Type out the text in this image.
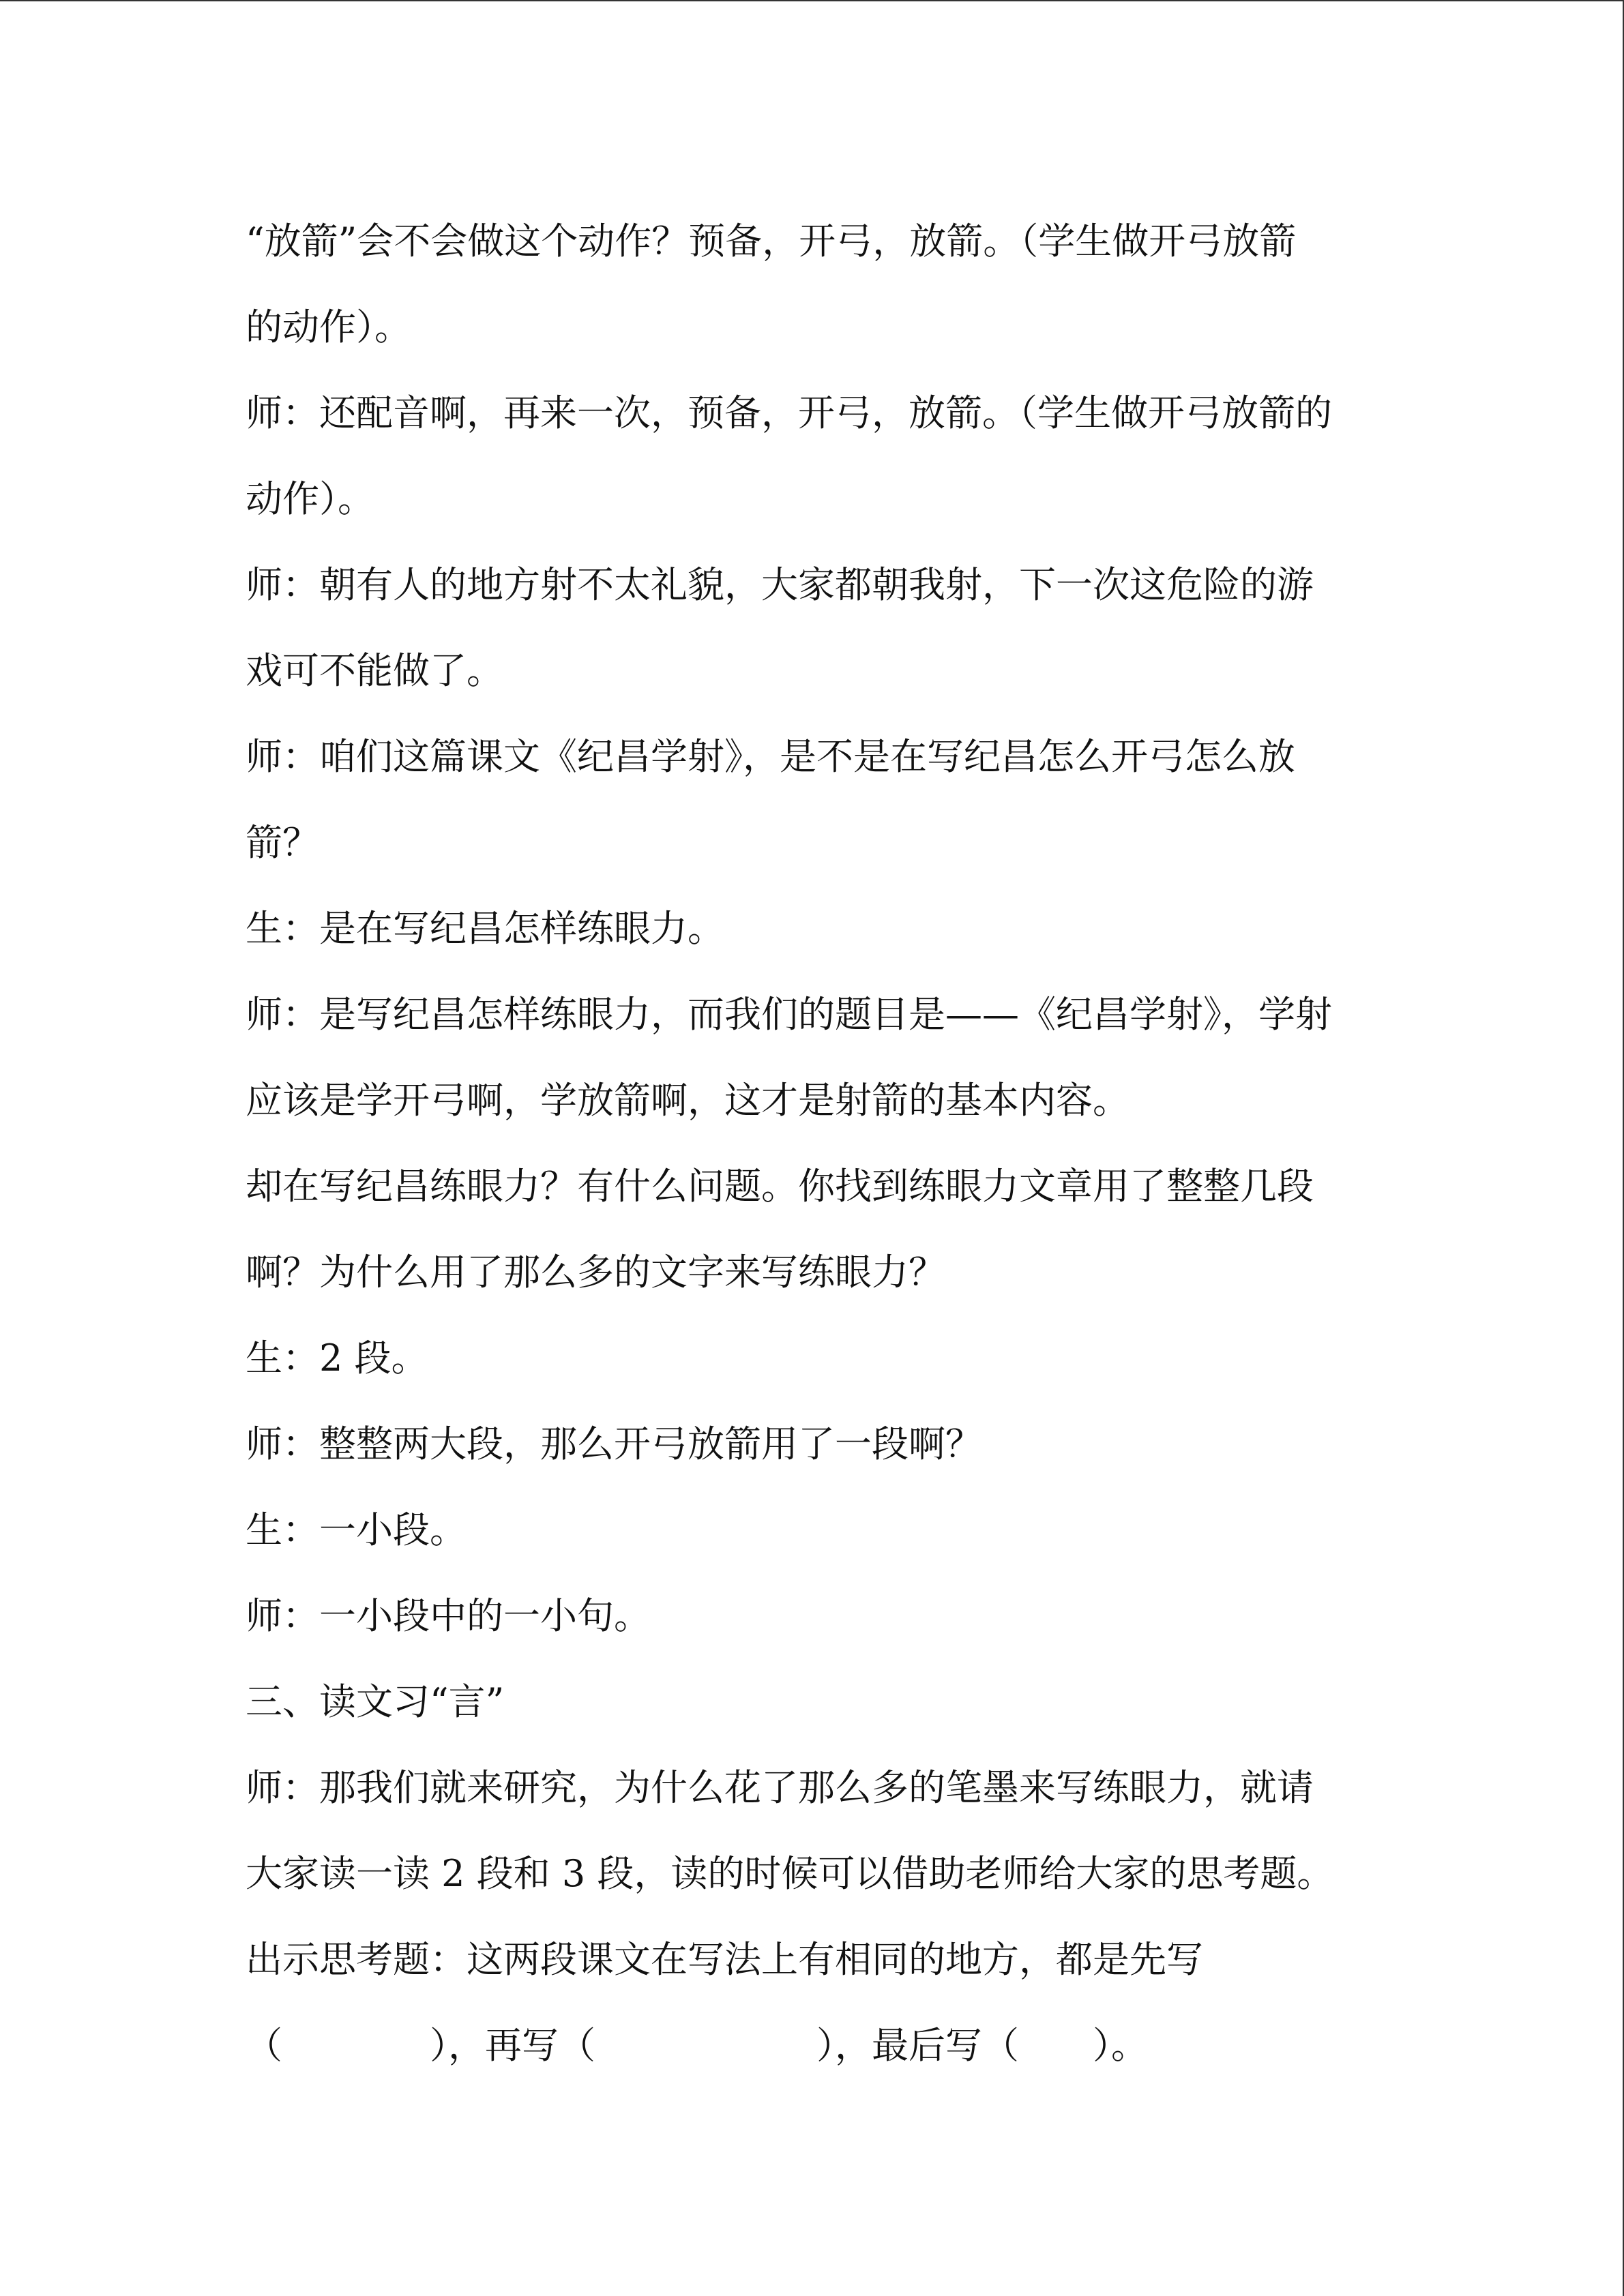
“放箭”会不会做这个动作？预备，开弓，放箭。（学生做开弓放箭
的动作）。
师：还配音啊，再来一次，预备，开弓，放箭。（学生做开弓放箭的
动作）。
师：朝有人的地方射不太礼貌，大家都朝我射，下一次这危险的游
戏可不能做了。
师：咱们这篇课文《纪昌学射》，是不是在写纪昌怎么开弓怎么放
箭？
生：是在写纪昌怎样练眼力。
师：是写纪昌怎样练眼力，而我们的题目是——《纪昌学射》，学射
应该是学开弓啊，学放箭啊，这才是射箭的基本内容。
却在写纪昌练眼力？有什么问题。你找到练眼力文章用了整整几段
啊？为什么用了那么多的文字来写练眼力？
生：2 段。
师：整整两大段，那么开弓放箭用了一段啊？
生：一小段。
师：一小段中的一小句。
三、读文习“言”
师：那我们就来研究，为什么花了那么多的笔墨来写练眼力，就请
大家读一读 2 段和 3 段，读的时候可以借助老师给大家的思考题。
出示思考题：这两段课文在写法上有相同的地方，都是先写
（　　　　），再写（　　　　　　），最后写（　　）。
